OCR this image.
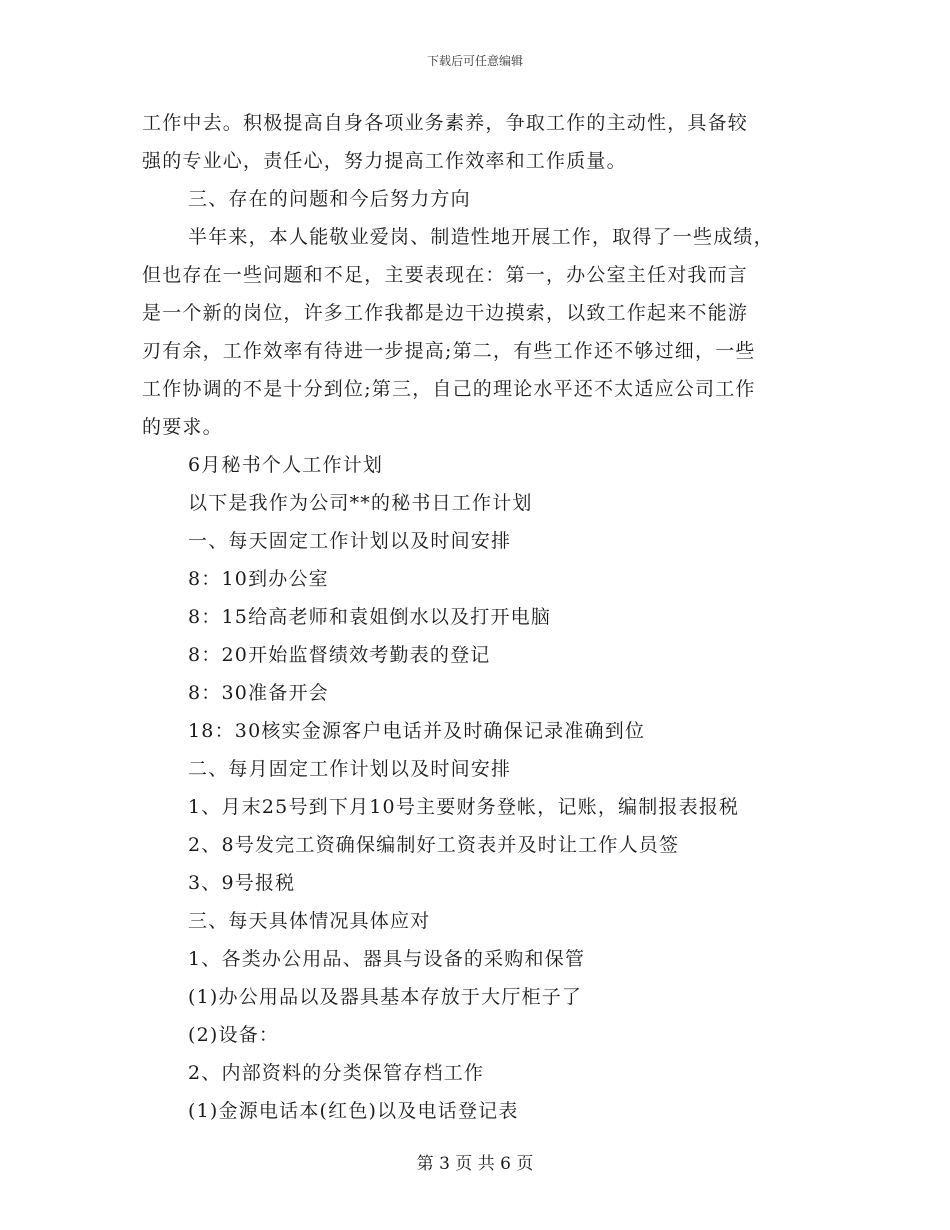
下载后可任意编辑
工作中去。积极提高自身各项业务素养，争取工作的主动性，具备较
强的专业心，责任心，努力提高工作效率和工作质量。
三、存在的问题和今后努力方向
半年来，本人能敬业爱岗、制造性地开展工作，取得了一些成绩，
但也存在一些问题和不足，主要表现在：第一，办公室主任对我而言
是一个新的岗位，许多工作我都是边干边摸索，以致工作起来不能游
刃有余，工作效率有待进一步提高;第二，有些工作还不够过细，一些
工作协调的不是十分到位;第三，自己的理论水平还不太适应公司工作
的要求。
6月秘书个人工作计划
以下是我作为公司**的秘书日工作计划
一、每天固定工作计划以及时间安排
8：10到办公室
8：15给高老师和袁姐倒水以及打开电脑
8：20开始监督绩效考勤表的登记
8：30准备开会
18：30核实金源客户电话并及时确保记录准确到位
二、每月固定工作计划以及时间安排
1、月末25号到下月10号主要财务登帐，记账，编制报表报税
2、8号发完工资确保编制好工资表并及时让工作人员签
3、9号报税
三、每天具体情况具体应对
1、各类办公用品、器具与设备的采购和保管
(1)办公用品以及器具基本存放于大厅柜子了
(2)设备：
2、内部资料的分类保管存档工作
(1)金源电话本(红色)以及电话登记表
第 3 页 共 6 页
